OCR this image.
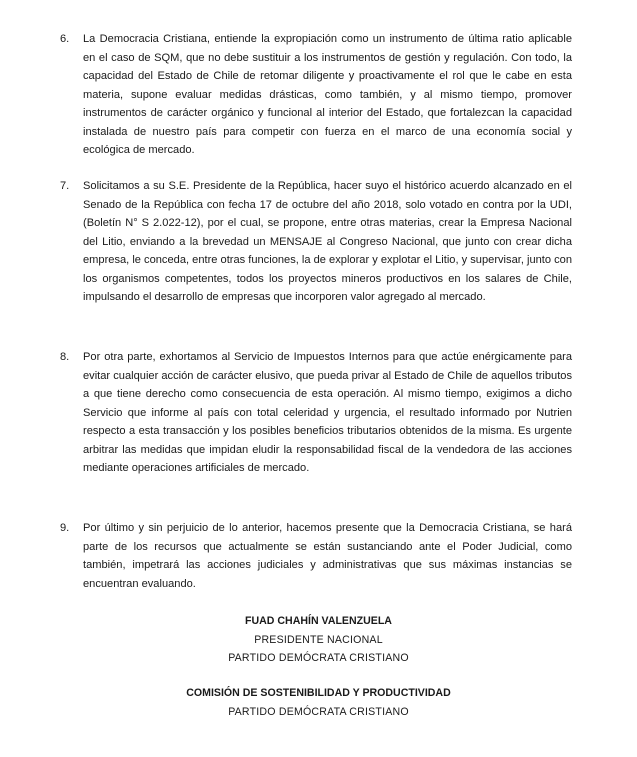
6. La Democracia Cristiana, entiende la expropiación como un instrumento de última ratio aplicable en el caso de SQM, que no debe sustituir a los instrumentos de gestión y regulación. Con todo, la capacidad del Estado de Chile de retomar diligente y proactivamente el rol que le cabe en esta materia, supone evaluar medidas drásticas, como también, y al mismo tiempo, promover instrumentos de carácter orgánico y funcional al interior del Estado, que fortalezcan la capacidad instalada de nuestro país para competir con fuerza en el marco de una economía social y ecológica de mercado.
7. Solicitamos a su S.E. Presidente de la República, hacer suyo el histórico acuerdo alcanzado en el Senado de la República con fecha 17 de octubre del año 2018, solo votado en contra por la UDI, (Boletín N° S 2.022-12), por el cual, se propone, entre otras materias, crear la Empresa Nacional del Litio, enviando a la brevedad un MENSAJE al Congreso Nacional, que junto con crear dicha empresa, le conceda, entre otras funciones, la de explorar y explotar el Litio, y supervisar, junto con los organismos competentes, todos los proyectos mineros productivos en los salares de Chile, impulsando el desarrollo de empresas que incorporen valor agregado al mercado.
8. Por otra parte, exhortamos al Servicio de Impuestos Internos para que actúe enérgicamente para evitar cualquier acción de carácter elusivo, que pueda privar al Estado de Chile de aquellos tributos a que tiene derecho como consecuencia de esta operación. Al mismo tiempo, exigimos a dicho Servicio que informe al país con total celeridad y urgencia, el resultado informado por Nutrien respecto a esta transacción y los posibles beneficios tributarios obtenidos de la misma. Es urgente arbitrar las medidas que impidan eludir la responsabilidad fiscal de la vendedora de las acciones mediante operaciones artificiales de mercado.
9. Por último y sin perjuicio de lo anterior, hacemos presente que la Democracia Cristiana, se hará parte de los recursos que actualmente se están sustanciando ante el Poder Judicial, como también, impetrará las acciones judiciales y administrativas que sus máximas instancias se encuentran evaluando.
FUAD CHAHÍN VALENZUELA
PRESIDENTE NACIONAL
PARTIDO DEMÓCRATA CRISTIANO
COMISIÓN DE SOSTENIBILIDAD Y PRODUCTIVIDAD
PARTIDO DEMÓCRATA CRISTIANO
